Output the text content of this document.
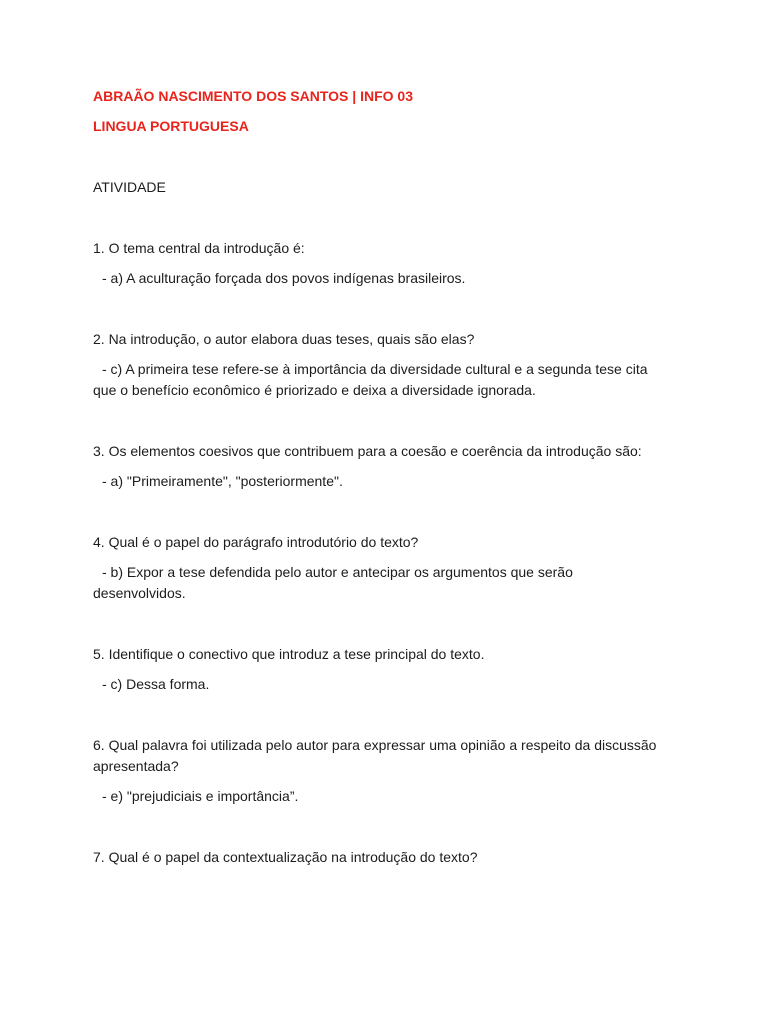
ABRAÃO NASCIMENTO DOS SANTOS | INFO 03

LINGUA PORTUGUESA

ATIVIDADE

1. O tema central da introdução é:

- a) A aculturação forçada dos povos indígenas brasileiros.

2. Na introdução, o autor elabora duas teses, quais são elas?

- c) A primeira tese refere-se à importância da diversidade cultural e a segunda tese cita que o benefício econômico é priorizado e deixa a diversidade ignorada.

3. Os elementos coesivos que contribuem para a coesão e coerência da introdução são:

- a) "Primeiramente", "posteriormente".

4. Qual é o papel do parágrafo introdutório do texto?

- b) Expor a tese defendida pelo autor e antecipar os argumentos que serão desenvolvidos.

5. Identifique o conectivo que introduz a tese principal do texto.

- c) Dessa forma.

6. Qual palavra foi utilizada pelo autor para expressar uma opinião a respeito da discussão apresentada?

- e) "prejudiciais e importância”.

7. Qual é o papel da contextualização na introdução do texto?
